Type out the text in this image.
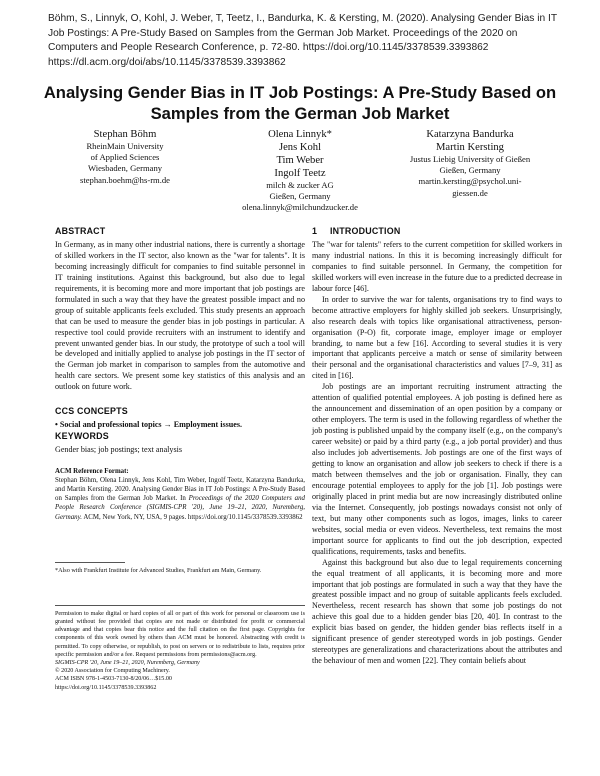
Böhm, S., Linnyk, O, Kohl, J. Weber, T, Teetz, I., Bandurka, K. & Kersting, M. (2020). Analysing Gender Bias in IT Job Postings: A Pre-Study Based on Samples from the German Job Market. Proceedings of the 2020 on Computers and People Research Conference, p. 72-80. https://doi.org/10.1145/3378539.3393862 https://dl.acm.org/doi/abs/10.1145/3378539.3393862
Analysing Gender Bias in IT Job Postings: A Pre-Study Based on Samples from the German Job Market
Stephan Böhm
RheinMain University
of Applied Sciences
Wiesbaden, Germany
stephan.boehm@hs-rm.de
Olena Linnyk*
Jens Kohl
Tim Weber
Ingolf Teetz
milch & zucker AG
Gießen, Germany
olena.linnyk@milchundzucker.de
Katarzyna Bandurka
Martin Kersting
Justus Liebig University of Gießen
Gießen, Germany
martin.kersting@psychol.uni-
giessen.de
ABSTRACT

In Germany, as in many other industrial nations, there is currently a shortage of skilled workers in the IT sector, also known as the "war for talents". It is becoming increasingly difficult for companies to find suitable personnel in IT training institutions. Against this background, but also due to legal requirements, it is becoming more and more important that job postings are formulated in such a way that they have the greatest possible impact and no group of suitable applicants feels excluded. This study presents an approach that can be used to measure the gender bias in job postings in particular. A respective tool could provide recruiters with an instrument to identify and prevent unwanted gender bias. In our study, the prototype of such a tool will be developed and initially applied to analyse job postings in the IT sector of the German job market in comparison to samples from the automotive and health care sectors. We present some key statistics of this analysis and an outlook on future work.

CCS CONCEPTS

• Social and professional topics → Employment issues.

KEYWORDS

Gender bias; job postings; text analysis

ACM Reference Format:

Stephan Böhm, Olena Linnyk, Jens Kohl, Tim Weber, Ingolf Teetz, Katarzyna Bandurka, and Martin Kersting. 2020. Analysing Gender Bias in IT Job Postings: A Pre-Study Based on Samples from the German Job Market. In Proceedings of the 2020 Computers and People Research Conference (SIGMIS-CPR '20), June 19–21, 2020, Nuremberg, Germany. ACM, New York, NY, USA, 9 pages. https://doi.org/10.1145/3378539.3393862

*Also with Frankfurt Institute for Advanced Studies, Frankfurt am Main, Germany.

Permission to make digital or hard copies of all or part of this work for personal or classroom use is granted without fee provided that copies are not made or distributed for profit or commercial advantage and that copies bear this notice and the full citation on the first page. Copyrights for components of this work owned by others than ACM must be honored. Abstracting with credit is permitted. To copy otherwise, or republish, to post on servers or to redistribute to lists, requires prior specific permission and/or a fee. Request permissions from permissions@acm.org.

SIGMIS-CPR '20, June 19–21, 2020, Nuremberg, Germany

© 2020 Association for Computing Machinery.

ACM ISBN 978-1-4503-7130-8/20/06…$15.00

https://doi.org/10.1145/3378539.3393862

1 INTRODUCTION

The "war for talents" refers to the current competition for skilled workers in many industrial nations. In this it is becoming increasingly difficult for companies to find suitable personnel. In Germany, the competition for skilled workers will even increase in the future due to a predicted decrease in labour force [46].

In order to survive the war for talents, organisations try to find ways to become attractive employers for highly skilled job seekers. Unsurprisingly, also research deals with topics like organisational attractiveness, person-organisation (P-O) fit, corporate image, employer image or employer branding, to name but a few [16]. According to several studies it is very important that applicants perceive a match or sense of similarity between their personal and the organisational characteristics and values [7–9, 31] as cited in [16].

Job postings are an important recruiting instrument attracting the attention of qualified potential employees. A job posting is defined here as the announcement and dissemination of an open position by a company or other employers. The term is used in the following regardless of whether the job posting is published unpaid by the company itself (e.g., on the company's career website) or paid by a third party (e.g., a job portal provider) and thus also includes job advertisements. Job postings are one of the first ways of getting to know an organisation and allow job seekers to check if there is a match between themselves and the job or organisation. Finally, they can encourage potential employees to apply for the job [1]. Job postings were originally placed in print media but are now increasingly distributed online via the Internet. Consequently, job postings nowadays consist not only of text, but many other components such as logos, images, links to career websites, social media or even videos. Nevertheless, text remains the most important source for applicants to find out the job description, expected qualifications, requirements, tasks and benefits.

Against this background but also due to legal requirements concerning the equal treatment of all applicants, it is becoming more and more important that job postings are formulated in such a way that they have the greatest possible impact and no group of suitable applicants feels excluded. Nevertheless, recent research has shown that some job postings do not achieve this goal due to a hidden gender bias [20, 40]. In contrast to the explicit bias based on gender, the hidden gender bias reflects itself in a significant presence of gender stereotyped words in job postings. Gender stereotypes are generalizations and characterizations about the attributes and the behaviour of men and women [22]. They contain beliefs about
